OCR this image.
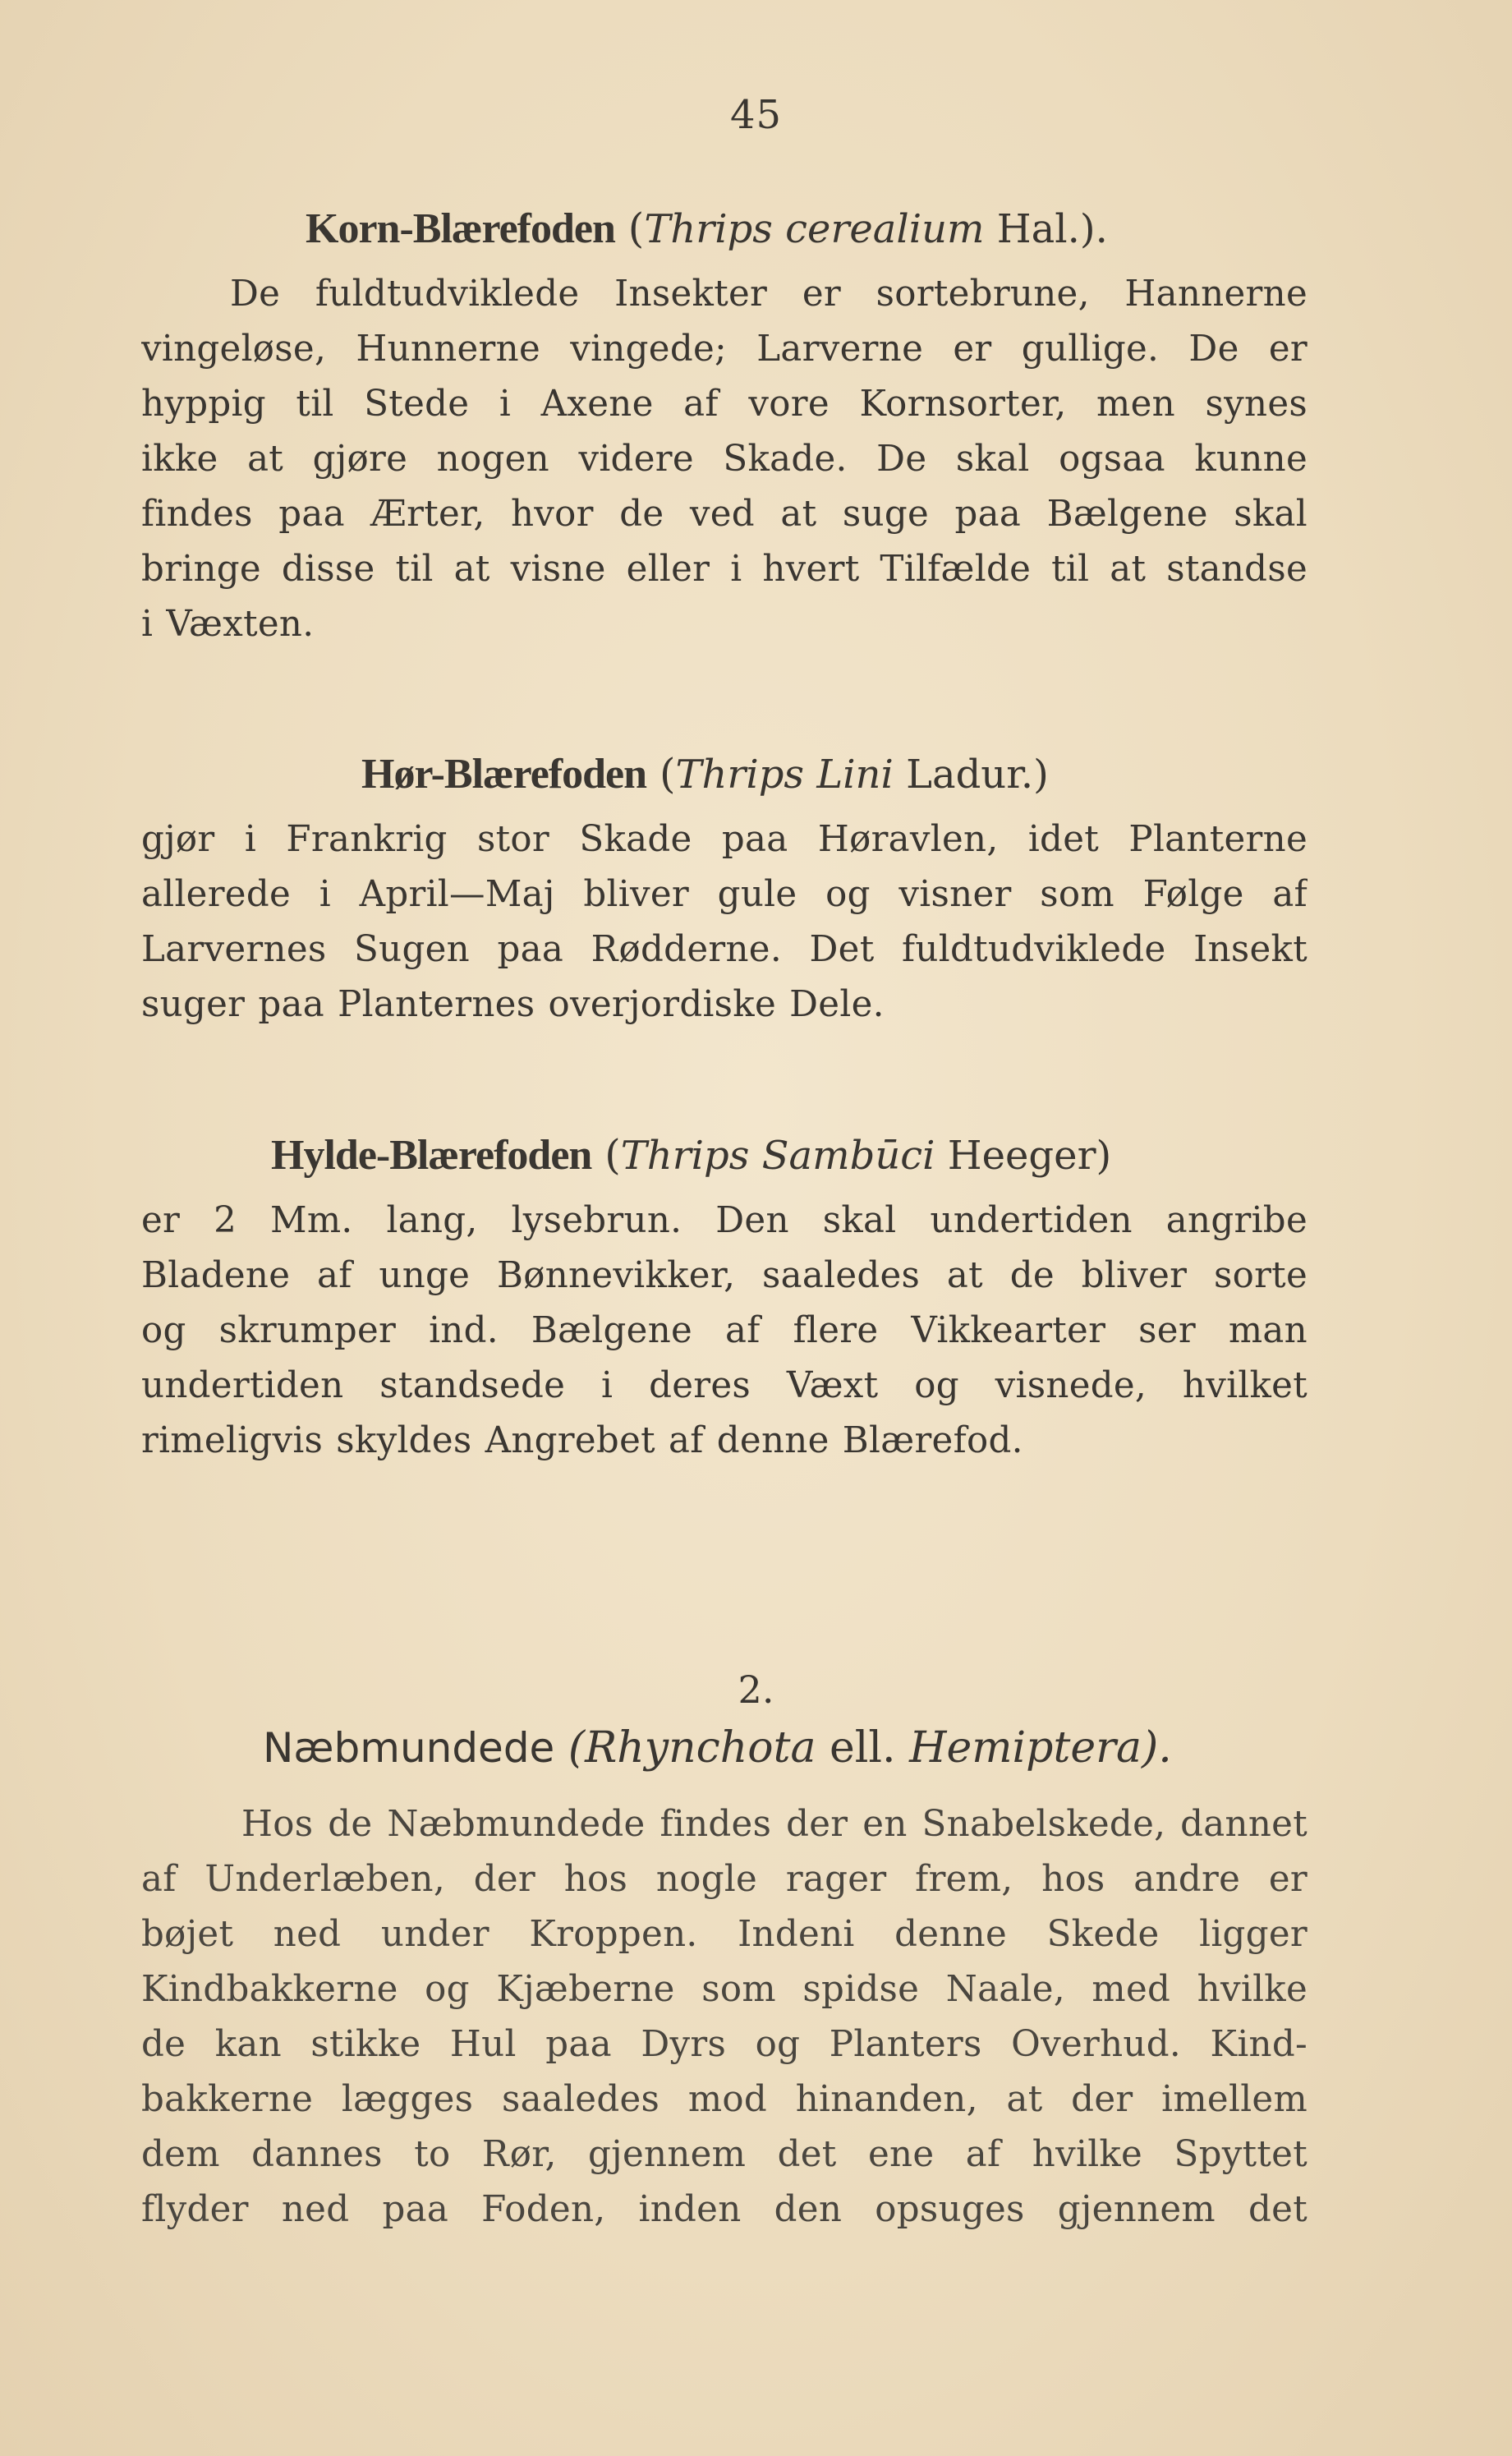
45
Korn-Blærefoden (Thrips cerealium Hal.).
De fuldtudviklede Insekter er sortebrune, Hannerne
vingeløse, Hunnerne vingede; Larverne er gullige. De er
hyppig til Stede i Axene af vore Kornsorter, men synes
ikke at gjøre nogen videre Skade. De skal ogsaa kunne
findes paa Ærter, hvor de ved at suge paa Bælgene skal
bringe disse til at visne eller i hvert Tilfælde til at standse
i Væxten.
Hør-Blærefoden (Thrips Lini Ladur.)
gjør i Frankrig stor Skade paa Høravlen, idet Planterne
allerede i April—Maj bliver gule og visner som Følge af
Larvernes Sugen paa Rødderne. Det fuldtudviklede Insekt
suger paa Planternes overjordiske Dele.
Hylde-Blærefoden (Thrips Sambūci Heeger)
er 2 Mm. lang, lysebrun. Den skal undertiden angribe
Bladene af unge Bønnevikker, saaledes at de bliver sorte
og skrumper ind. Bælgene af flere Vikkearter ser man
undertiden standsede i deres Væxt og visnede, hvilket
rimeligvis skyldes Angrebet af denne Blærefod.
2.
Næbmundede (Rhynchota ell. Hemiptera).
Hos de Næbmundede findes der en Snabelskede, dannet
af Underlæben, der hos nogle rager frem, hos andre er
bøjet ned under Kroppen. Indeni denne Skede ligger
Kindbakkerne og Kjæberne som spidse Naale, med hvilke
de kan stikke Hul paa Dyrs og Planters Overhud. Kind-
bakkerne lægges saaledes mod hinanden, at der imellem
dem dannes to Rør, gjennem det ene af hvilke Spyttet
flyder ned paa Foden, inden den opsuges gjennem det
